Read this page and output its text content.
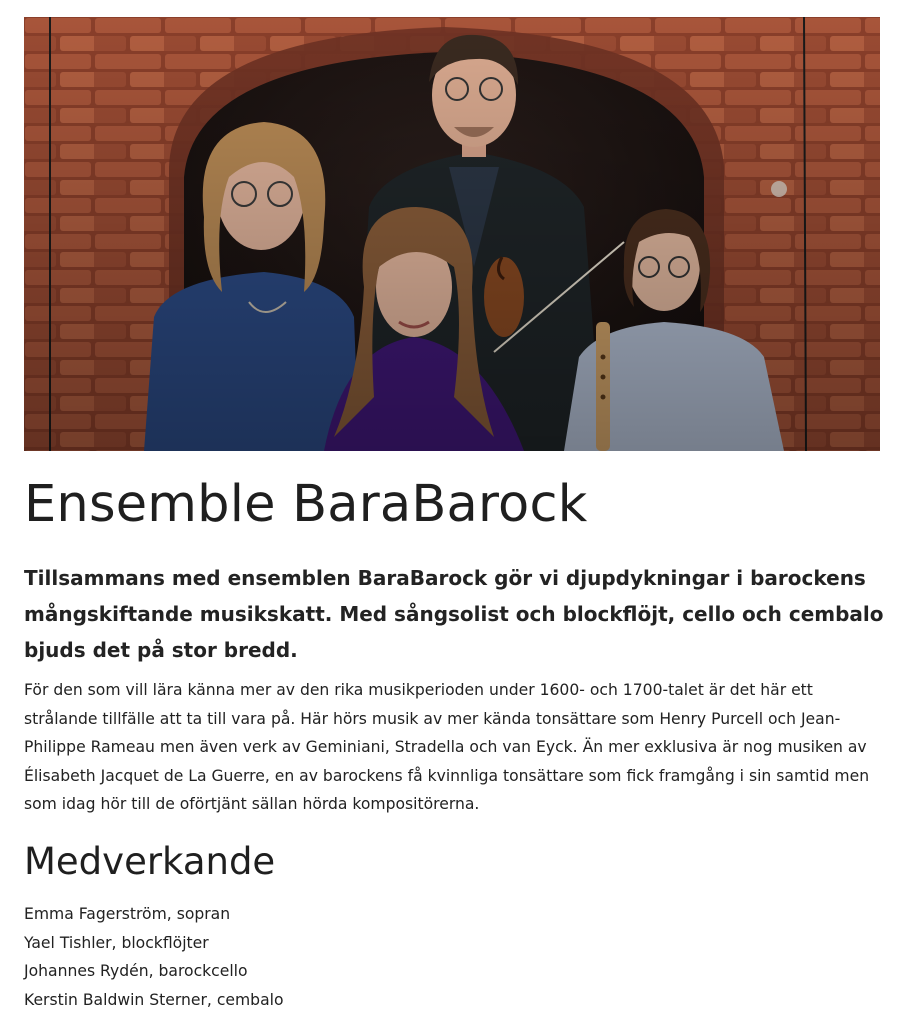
Ensemble BaraBarock

Tillsammans med ensemblen BaraBarock gör vi djupdykningar i barockens mångskiftande musikskatt. Med sångsolist och blockflöjt, cello och cembalo bjuds det på stor bredd.

För den som vill lära känna mer av den rika musikperioden under 1600- och 1700-talet är det här ett strålande tillfälle att ta till vara på. Här hörs musik av mer kända tonsättare som Henry Purcell och Jean-Philippe Rameau men även verk av Geminiani, Stradella och van Eyck. Än mer exklusiva är nog musiken av Élisabeth Jacquet de La Guerre, en av barockens få kvinnliga tonsättare som fick framgång i sin samtid men som idag hör till de oförtjänt sällan hörda kompositörerna.

Medverkande
Emma Fagerström, sopran
Yael Tishler, blockflöjter
Johannes Rydén, barockcello
Kerstin Baldwin Sterner, cembalo
